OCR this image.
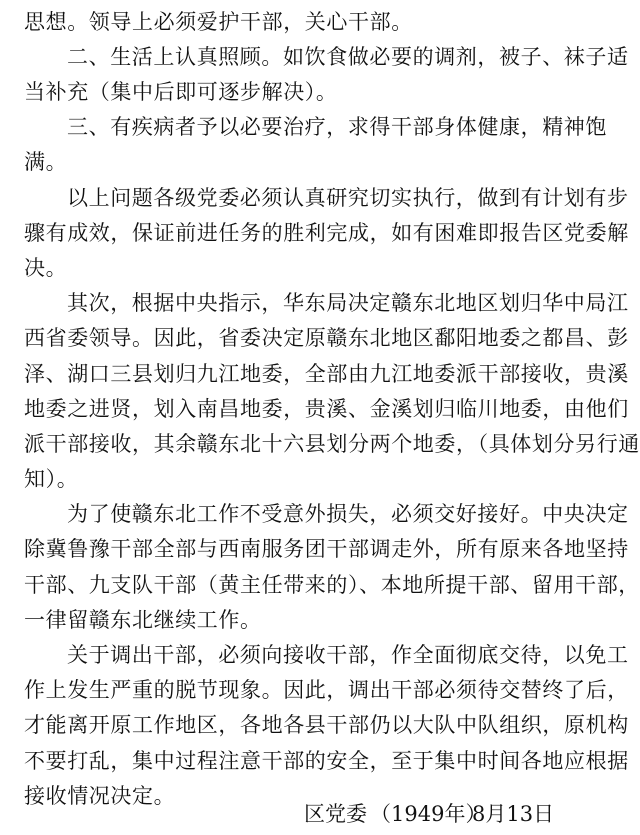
思想。领导上必须爱护干部，关心干部。
二、生活上认真照顾。如饮食做必要的调剂，被子、袜子适
当补充（集中后即可逐步解决）。
三、有疾病者予以必要治疗，求得干部身体健康，精神饱
满。
以上问题各级党委必须认真研究切实执行，做到有计划有步
骤有成效，保证前进任务的胜利完成，如有困难即报告区党委解
决。
其次，根据中央指示，华东局决定赣东北地区划归华中局江
西省委领导。因此，省委决定原赣东北地区鄱阳地委之都昌、彭
泽、湖口三县划归九江地委，全部由九江地委派干部接收，贵溪
地委之进贤，划入南昌地委，贵溪、金溪划归临川地委，由他们
派干部接收，其余赣东北十六县划分两个地委，（具体划分另行通
知）。
为了使赣东北工作不受意外损失，必须交好接好。中央决定
除冀鲁豫干部全部与西南服务团干部调走外，所有原来各地坚持
干部、九支队干部（黄主任带来的）、本地所提干部、留用干部，
一律留赣东北继续工作。
关于调出干部，必须向接收干部，作全面彻底交待，以免工
作上发生严重的脱节现象。因此，调出干部必须待交替终了后，
才能离开原工作地区，各地各县干部仍以大队中队组织，原机构
不要打乱，集中过程注意干部的安全，至于集中时间各地应根据
接收情况决定。
区党委 （1949年）
8月13日
